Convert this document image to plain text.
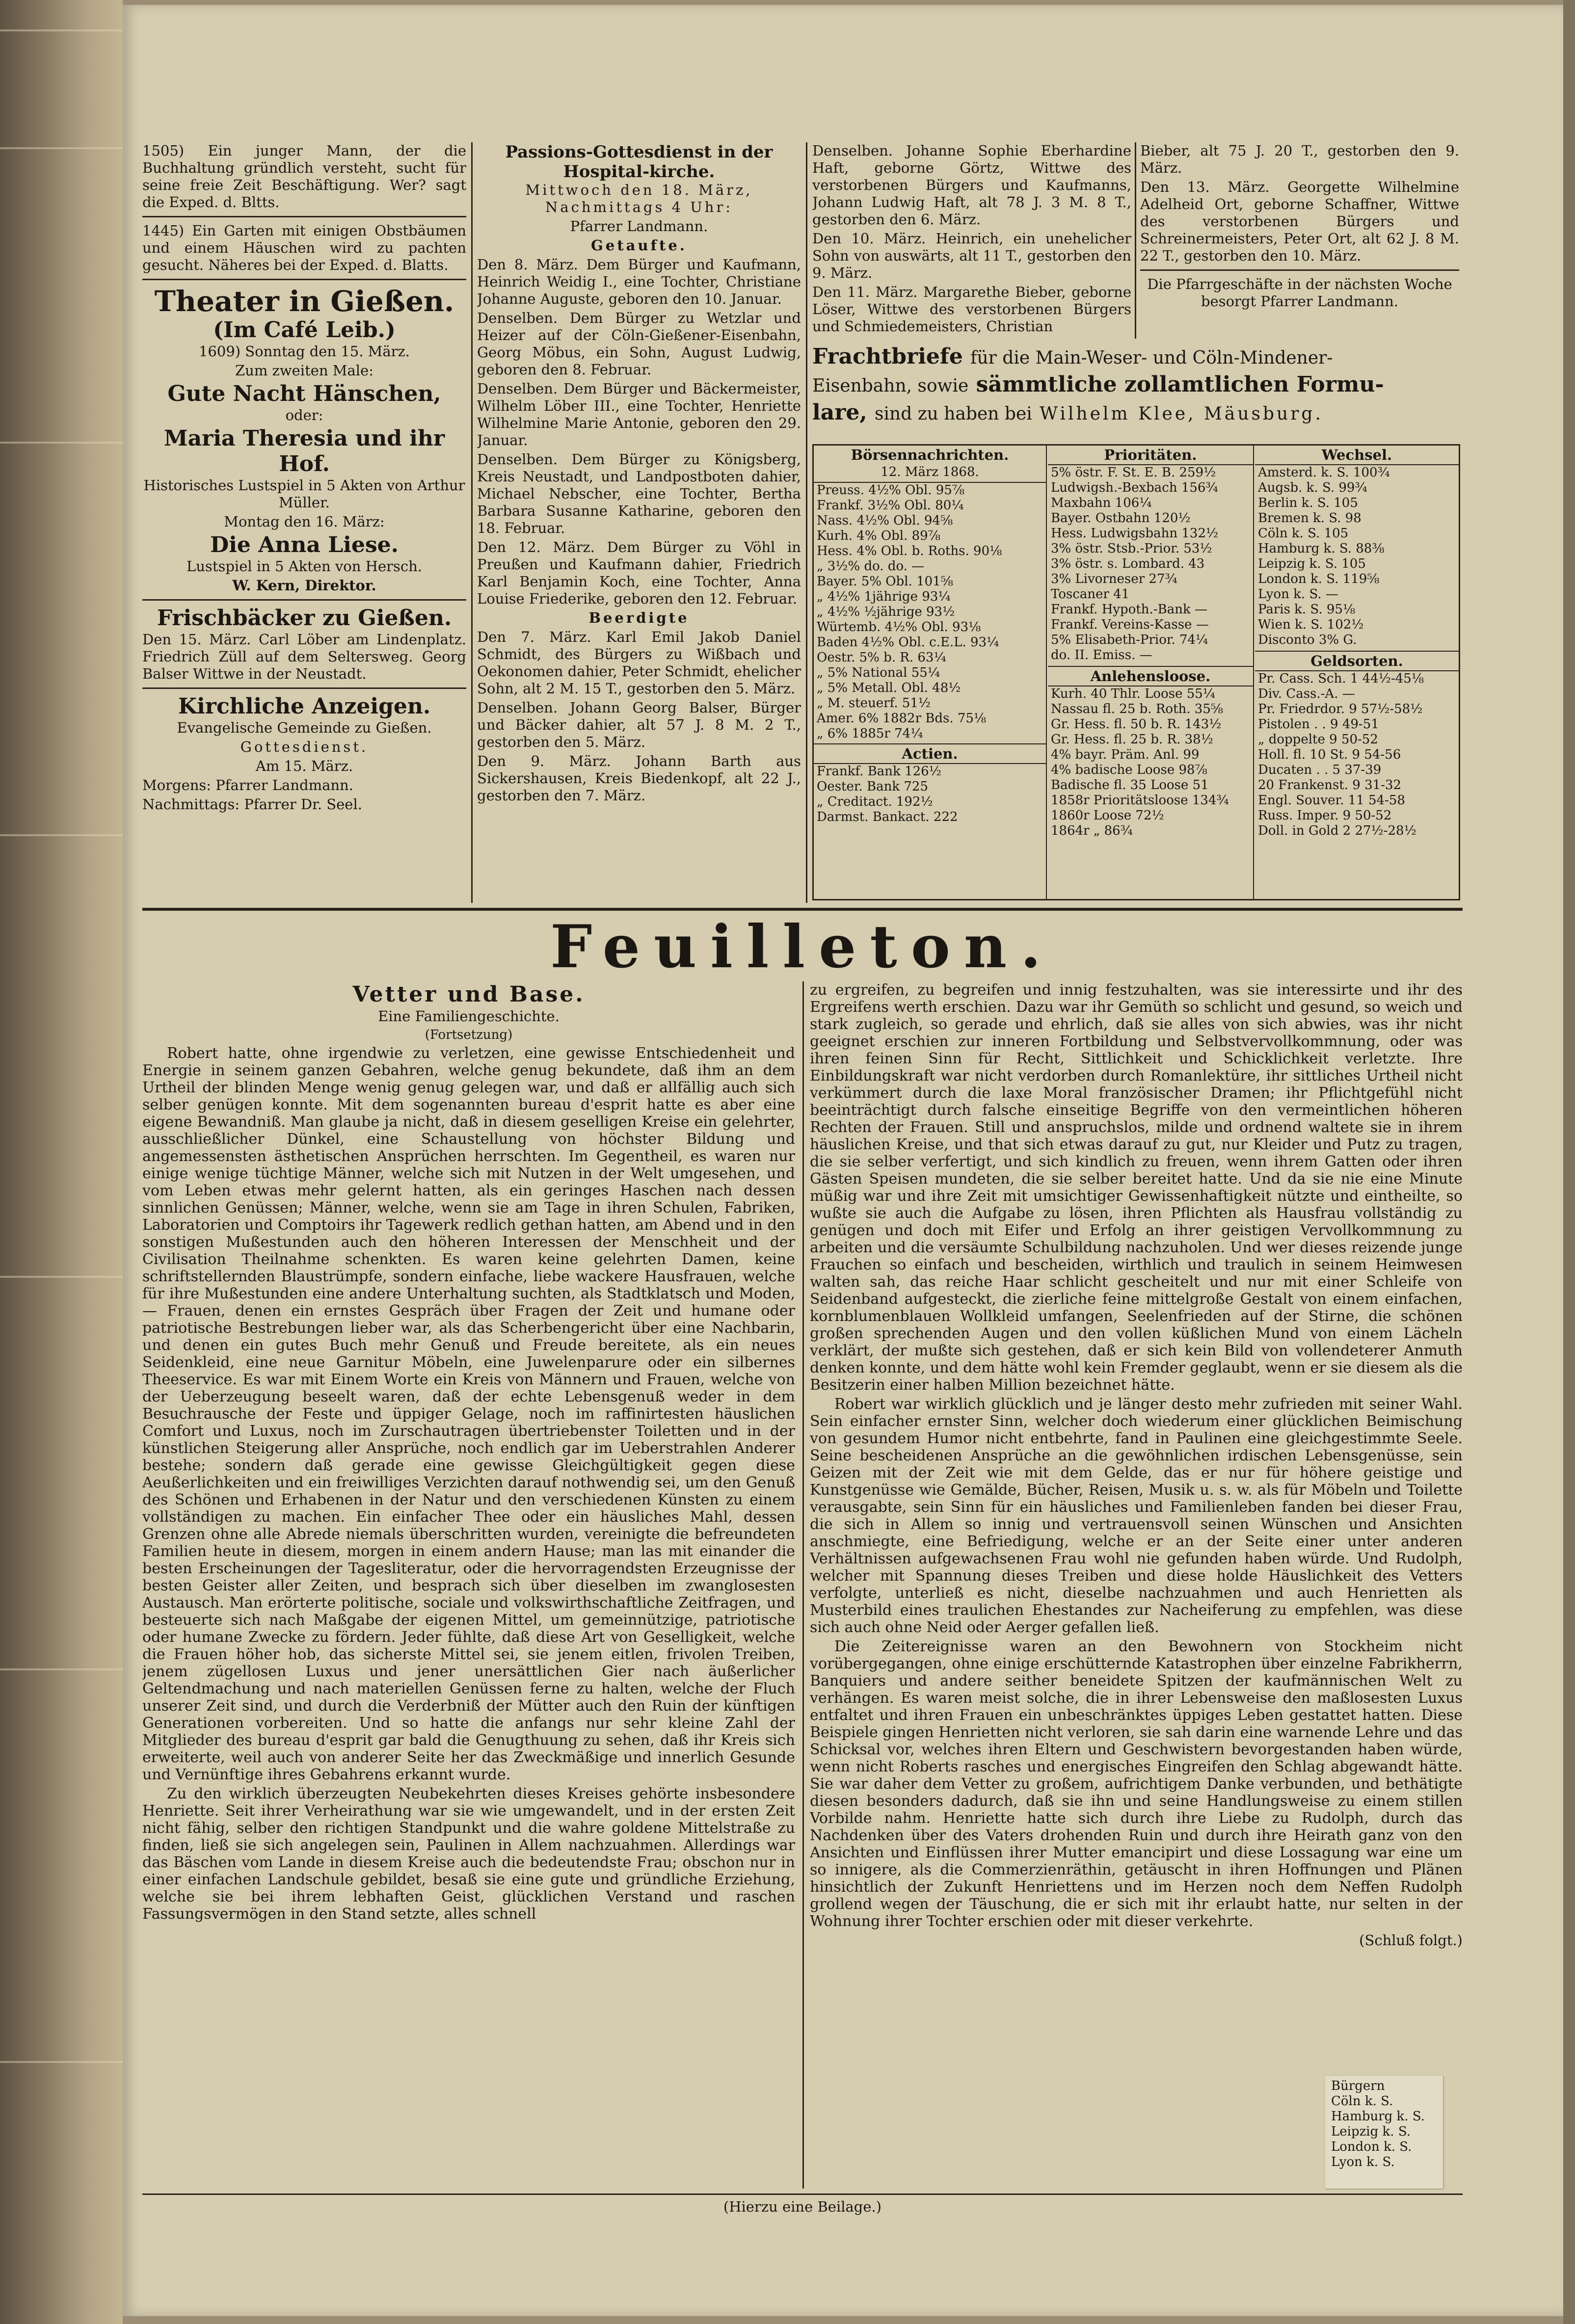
1505) Ein junger Mann, der die Buchhaltung gründlich versteht, sucht für seine freie Zeit Beschäftigung. Wer? sagt die Exped. d. Bltts.

1445) Ein Garten mit einigen Obstbäumen und einem Häuschen wird zu pachten gesucht. Näheres bei der Exped. d. Blatts.

Theater in Gießen.
(Im Café Leib.)

1609) Sonntag den 15. März.

Zum zweiten Male:

Gute Nacht Hänschen,

oder:

Maria Theresia und ihr Hof.

Historisches Lustspiel in 5 Akten von Arthur Müller.

Montag den 16. März:

Die Anna Liese.

Lustspiel in 5 Akten von Hersch.

W. Kern, Direktor.

Frischbäcker zu Gießen.

Den 15. März. Carl Löber am Lindenplatz. Friedrich Züll auf dem Seltersweg. Georg Balser Wittwe in der Neustadt.

Kirchliche Anzeigen.

Evangelische Gemeinde zu Gießen.

Gottesdienst.

Am 15. März.

Morgens: Pfarrer Landmann.

Nachmittags: Pfarrer Dr. Seel.

Passions-Gottesdienst in der Hospital-kirche.

Mittwoch den 18. März, Nachmittags 4 Uhr:

Pfarrer Landmann.

Getaufte.

Den 8. März. Dem Bürger und Kaufmann, Heinrich Weidig I., eine Tochter, Christiane Johanne Auguste, geboren den 10. Januar.

Denselben. Dem Bürger zu Wetzlar und Heizer auf der Cöln-Gießener-Eisenbahn, Georg Möbus, ein Sohn, August Ludwig, geboren den 8. Februar.

Denselben. Dem Bürger und Bäckermeister, Wilhelm Löber III., eine Tochter, Henriette Wilhelmine Marie Antonie, geboren den 29. Januar.

Denselben. Dem Bürger zu Königsberg, Kreis Neustadt, und Landpostboten dahier, Michael Nebscher, eine Tochter, Bertha Barbara Susanne Katharine, geboren den 18. Februar.

Den 12. März. Dem Bürger zu Vöhl in Preußen und Kaufmann dahier, Friedrich Karl Benjamin Koch, eine Tochter, Anna Louise Friederike, geboren den 12. Februar.

Beerdigte

Den 7. März. Karl Emil Jakob Daniel Schmidt, des Bürgers zu Wißbach und Oekonomen dahier, Peter Schmidt, ehelicher Sohn, alt 2 M. 15 T., gestorben den 5. März.

Denselben. Johann Georg Balser, Bürger und Bäcker dahier, alt 57 J. 8 M. 2 T., gestorben den 5. März.

Den 9. März. Johann Barth aus Sickershausen, Kreis Biedenkopf, alt 22 J., gestorben den 7. März.

Denselben. Johanne Sophie Eberhardine Haft, geborne Görtz, Wittwe des verstorbenen Bürgers und Kaufmanns, Johann Ludwig Haft, alt 78 J. 3 M. 8 T., gestorben den 6. März.

Den 10. März. Heinrich, ein unehelicher Sohn von auswärts, alt 11 T., gestorben den 9. März.

Den 11. März. Margarethe Bieber, geborne Löser, Wittwe des verstorbenen Bürgers und Schmiedemeisters, Christian

Bieber, alt 75 J. 20 T., gestorben den 9. März.

Den 13. März. Georgette Wilhelmine Adelheid Ort, geborne Schaffner, Wittwe des verstorbenen Bürgers und Schreinermeisters, Peter Ort, alt 62 J. 8 M. 22 T., gestorben den 10. März.

Die Pfarrgeschäfte in der nächsten Woche besorgt Pfarrer Landmann.

Frachtbriefe für die Main-Weser- und Cöln-Mindener-
Eisenbahn, sowie sämmtliche zollamtlichen Formu-
lare, sind zu haben bei Wilhelm Klee, Mäusburg.
Börsennachrichten.
12. März 1868.
Preuss. 4½% Obl. 95⅞
Frankf. 3½% Obl. 80¼
Nass. 4½% Obl. 94⅝
Kurh. 4% Obl. 89⅞
Hess. 4% Obl. b. Roths. 90⅛
„ 3½% do. do. —
Bayer. 5% Obl. 101⅝
„ 4½% 1jährige 93¼
„ 4½% ½jährige 93½
Würtemb. 4½% Obl. 93⅛
Baden 4½% Obl. c.E.L. 93¼
Oestr. 5% b. R. 63¼
„ 5% National 55¼
„ 5% Metall. Obl. 48½
„ M. steuerf. 51½
Amer. 6% 1882r Bds. 75⅛
„ 6% 1885r 74¼
Actien.
Frankf. Bank 126½
Oester. Bank 725
„ Creditact. 192½
Darmst. Bankact. 222
Prioritäten.
5% östr. F. St. E. B. 259½
Ludwigsh.-Bexbach 156¾
Maxbahn 106¼
Bayer. Ostbahn 120½
Hess. Ludwigsbahn 132½
3% östr. Stsb.-Prior. 53½
3% östr. s. Lombard. 43
3% Livorneser 27¾
Toscaner 41
Frankf. Hypoth.-Bank —
Frankf. Vereins-Kasse —
5% Elisabeth-Prior. 74¼
do. II. Emiss. —
Anlehensloose.
Kurh. 40 Thlr. Loose 55¼
Nassau fl. 25 b. Roth. 35⅝
Gr. Hess. fl. 50 b. R. 143½
Gr. Hess. fl. 25 b. R. 38½
4% bayr. Präm. Anl. 99
4% badische Loose 98⅞
Badische fl. 35 Loose 51
1858r Prioritätsloose 134¾
1860r Loose 72½
1864r „ 86¾
Wechsel.
Amsterd. k. S. 100¾
Augsb. k. S. 99¾
Berlin k. S. 105
Bremen k. S. 98
Cöln k. S. 105
Hamburg k. S. 88⅜
Leipzig k. S. 105
London k. S. 119⅝
Lyon k. S. —
Paris k. S. 95⅛
Wien k. S. 102½
Disconto 3% G.
Geldsorten.
Pr. Cass. Sch. 1 44½-45⅛
Div. Cass.-A. —
Pr. Friedrdor. 9 57½-58½
Pistolen . . 9 49-51
„ doppelte 9 50-52
Holl. fl. 10 St. 9 54-56
Ducaten . . 5 37-39
20 Frankenst. 9 31-32
Engl. Souver. 11 54-58
Russ. Imper. 9 50-52
Doll. in Gold 2 27½-28½
Feuilleton.
Vetter und Base.

Eine Familiengeschichte.

(Fortsetzung)

Robert hatte, ohne irgendwie zu verletzen, eine gewisse Entschiedenheit und Energie in seinem ganzen Gebahren, welche genug bekundete, daß ihm an dem Urtheil der blinden Menge wenig genug gelegen war, und daß er allfällig auch sich selber genügen konnte. Mit dem sogenannten bureau d'esprit hatte es aber eine eigene Bewandniß. Man glaube ja nicht, daß in diesem geselligen Kreise ein gelehrter, ausschließlicher Dünkel, eine Schaustellung von höchster Bildung und angemessensten ästhetischen Ansprüchen herrschten. Im Gegentheil, es waren nur einige wenige tüchtige Männer, welche sich mit Nutzen in der Welt umgesehen, und vom Leben etwas mehr gelernt hatten, als ein geringes Haschen nach dessen sinnlichen Genüssen; Männer, welche, wenn sie am Tage in ihren Schulen, Fabriken, Laboratorien und Comptoirs ihr Tagewerk redlich gethan hatten, am Abend und in den sonstigen Mußestunden auch den höheren Interessen der Menschheit und der Civilisation Theilnahme schenkten. Es waren keine gelehrten Damen, keine schriftstellernden Blaustrümpfe, sondern einfache, liebe wackere Hausfrauen, welche für ihre Mußestunden eine andere Unterhaltung suchten, als Stadtklatsch und Moden, — Frauen, denen ein ernstes Gespräch über Fragen der Zeit und humane oder patriotische Bestrebungen lieber war, als das Scherbengericht über eine Nachbarin, und denen ein gutes Buch mehr Genuß und Freude bereitete, als ein neues Seidenkleid, eine neue Garnitur Möbeln, eine Juwelenparure oder ein silbernes Theeservice. Es war mit Einem Worte ein Kreis von Männern und Frauen, welche von der Ueberzeugung beseelt waren, daß der echte Lebensgenuß weder in dem Besuchrausche der Feste und üppiger Gelage, noch im raffinirtesten häuslichen Comfort und Luxus, noch im Zurschautragen übertriebenster Toiletten und in der künstlichen Steigerung aller Ansprüche, noch endlich gar im Ueberstrahlen Anderer bestehe; sondern daß gerade eine gewisse Gleichgültigkeit gegen diese Aeußerlichkeiten und ein freiwilliges Verzichten darauf nothwendig sei, um den Genuß des Schönen und Erhabenen in der Natur und den verschiedenen Künsten zu einem vollständigen zu machen. Ein einfacher Thee oder ein häusliches Mahl, dessen Grenzen ohne alle Abrede niemals überschritten wurden, vereinigte die befreundeten Familien heute in diesem, morgen in einem andern Hause; man las mit einander die besten Erscheinungen der Tagesliteratur, oder die hervorragendsten Erzeugnisse der besten Geister aller Zeiten, und besprach sich über dieselben im zwanglosesten Austausch. Man erörterte politische, sociale und volkswirthschaftliche Zeitfragen, und besteuerte sich nach Maßgabe der eigenen Mittel, um gemeinnützige, patriotische oder humane Zwecke zu fördern. Jeder fühlte, daß diese Art von Geselligkeit, welche die Frauen höher hob, das sicherste Mittel sei, sie jenem eitlen, frivolen Treiben, jenem zügellosen Luxus und jener unersättlichen Gier nach äußerlicher Geltendmachung und nach materiellen Genüssen ferne zu halten, welche der Fluch unserer Zeit sind, und durch die Verderbniß der Mütter auch den Ruin der künftigen Generationen vorbereiten. Und so hatte die anfangs nur sehr kleine Zahl der Mitglieder des bureau d'esprit gar bald die Genugthuung zu sehen, daß ihr Kreis sich erweiterte, weil auch von anderer Seite her das Zweckmäßige und innerlich Gesunde und Vernünftige ihres Gebahrens erkannt wurde.

Zu den wirklich überzeugten Neubekehrten dieses Kreises gehörte insbesondere Henriette. Seit ihrer Verheirathung war sie wie umgewandelt, und in der ersten Zeit nicht fähig, selber den richtigen Standpunkt und die wahre goldene Mittelstraße zu finden, ließ sie sich angelegen sein, Paulinen in Allem nachzuahmen. Allerdings war das Bäschen vom Lande in diesem Kreise auch die bedeutendste Frau; obschon nur in einer einfachen Landschule gebildet, besaß sie eine gute und gründliche Erziehung, welche sie bei ihrem lebhaften Geist, glücklichen Verstand und raschen Fassungsvermögen in den Stand setzte, alles schnell

zu ergreifen, zu begreifen und innig festzuhalten, was sie interessirte und ihr des Ergreifens werth erschien. Dazu war ihr Gemüth so schlicht und gesund, so weich und stark zugleich, so gerade und ehrlich, daß sie alles von sich abwies, was ihr nicht geeignet erschien zur inneren Fortbildung und Selbstvervollkommnung, oder was ihren feinen Sinn für Recht, Sittlichkeit und Schicklichkeit verletzte. Ihre Einbildungskraft war nicht verdorben durch Romanlektüre, ihr sittliches Urtheil nicht verkümmert durch die laxe Moral französischer Dramen; ihr Pflichtgefühl nicht beeinträchtigt durch falsche einseitige Begriffe von den vermeintlichen höheren Rechten der Frauen. Still und anspruchslos, milde und ordnend waltete sie in ihrem häuslichen Kreise, und that sich etwas darauf zu gut, nur Kleider und Putz zu tragen, die sie selber verfertigt, und sich kindlich zu freuen, wenn ihrem Gatten oder ihren Gästen Speisen mundeten, die sie selber bereitet hatte. Und da sie nie eine Minute müßig war und ihre Zeit mit umsichtiger Gewissenhaftigkeit nützte und eintheilte, so wußte sie auch die Aufgabe zu lösen, ihren Pflichten als Hausfrau vollständig zu genügen und doch mit Eifer und Erfolg an ihrer geistigen Vervollkommnung zu arbeiten und die versäumte Schulbildung nachzuholen. Und wer dieses reizende junge Frauchen so einfach und bescheiden, wirthlich und traulich in seinem Heimwesen walten sah, das reiche Haar schlicht gescheitelt und nur mit einer Schleife von Seidenband aufgesteckt, die zierliche feine mittelgroße Gestalt von einem einfachen, kornblumenblauen Wollkleid umfangen, Seelenfrieden auf der Stirne, die schönen großen sprechenden Augen und den vollen küßlichen Mund von einem Lächeln verklärt, der mußte sich gestehen, daß er sich kein Bild von vollendeterer Anmuth denken konnte, und dem hätte wohl kein Fremder geglaubt, wenn er sie diesem als die Besitzerin einer halben Million bezeichnet hätte.

Robert war wirklich glücklich und je länger desto mehr zufrieden mit seiner Wahl. Sein einfacher ernster Sinn, welcher doch wiederum einer glücklichen Beimischung von gesundem Humor nicht entbehrte, fand in Paulinen eine gleichgestimmte Seele. Seine bescheidenen Ansprüche an die gewöhnlichen irdischen Lebensgenüsse, sein Geizen mit der Zeit wie mit dem Gelde, das er nur für höhere geistige und Kunstgenüsse wie Gemälde, Bücher, Reisen, Musik u. s. w. als für Möbeln und Toilette verausgabte, sein Sinn für ein häusliches und Familienleben fanden bei dieser Frau, die sich in Allem so innig und vertrauensvoll seinen Wünschen und Ansichten anschmiegte, eine Befriedigung, welche er an der Seite einer unter anderen Verhältnissen aufgewachsenen Frau wohl nie gefunden haben würde. Und Rudolph, welcher mit Spannung dieses Treiben und diese holde Häuslichkeit des Vetters verfolgte, unterließ es nicht, dieselbe nachzuahmen und auch Henrietten als Musterbild eines traulichen Ehestandes zur Nacheiferung zu empfehlen, was diese sich auch ohne Neid oder Aerger gefallen ließ.

Die Zeitereignisse waren an den Bewohnern von Stockheim nicht vorübergegangen, ohne einige erschütternde Katastrophen über einzelne Fabrikherrn, Banquiers und andere seither beneidete Spitzen der kaufmännischen Welt zu verhängen. Es waren meist solche, die in ihrer Lebensweise den maßlosesten Luxus entfaltet und ihren Frauen ein unbeschränktes üppiges Leben gestattet hatten. Diese Beispiele gingen Henrietten nicht verloren, sie sah darin eine warnende Lehre und das Schicksal vor, welches ihren Eltern und Geschwistern bevorgestanden haben würde, wenn nicht Roberts rasches und energisches Eingreifen den Schlag abgewandt hätte. Sie war daher dem Vetter zu großem, aufrichtigem Danke verbunden, und bethätigte diesen besonders dadurch, daß sie ihn und seine Handlungsweise zu einem stillen Vorbilde nahm. Henriette hatte sich durch ihre Liebe zu Rudolph, durch das Nachdenken über des Vaters drohenden Ruin und durch ihre Heirath ganz von den Ansichten und Einflüssen ihrer Mutter emancipirt und diese Lossagung war eine um so innigere, als die Commerzienräthin, getäuscht in ihren Hoffnungen und Plänen hinsichtlich der Zukunft Henriettens und im Herzen noch dem Neffen Rudolph grollend wegen der Täuschung, die er sich mit ihr erlaubt hatte, nur selten in der Wohnung ihrer Tochter erschien oder mit dieser verkehrte.

(Schluß folgt.)

Bürgern
Cöln k. S.
Hamburg k. S.
Leipzig k. S.
London k. S.
Lyon k. S.

(Hierzu eine Beilage.)
